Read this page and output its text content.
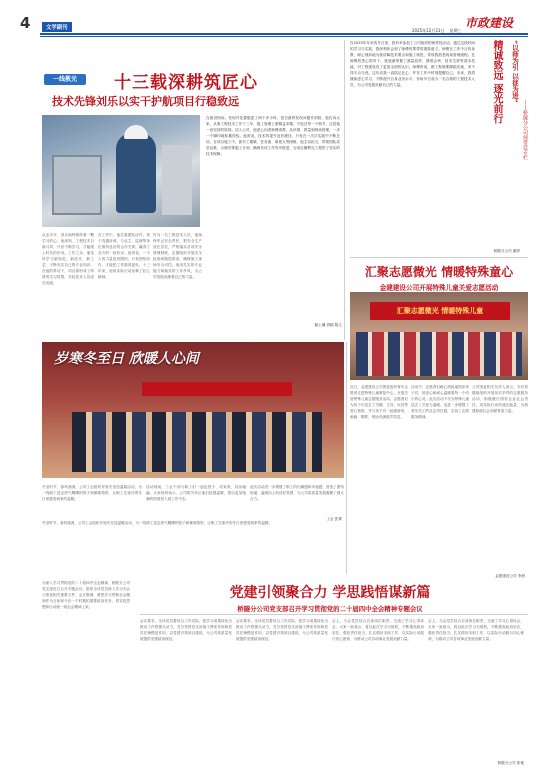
4	文学副刊	市政建设
2025年12月31日 星期三
一线教光	十三载深耕筑匠心
技术先锋刘乐以实干护航项目行稳致远
在建设现场，发现并处置隐患了两个多小时，是否最终发现问题并消除，他告诉大家，从事工程技术工作十三年，施工管理上要精益求精，不放过每一个细节，这是他一直坚持的原则。初入公司，他虚心向老师傅请教，从识图、算量到现场管理，一步一个脚印地积累经验。他常说，技术的提升没有捷径，只有在一次次实践中不断总结。在项目施工中，面对工期紧、任务重、难度大等困难，他主动担当，带领团队攻坚克难，合理安排施工计划，确保各项工作有序推进，为项目顺利完工提供了坚实的技术保障。
从业多年，刘乐始终保持着一颗学习的心。他深知，工程技术日新月异，只有不断学习，才能跟上时代的步伐。工作之余，他坚持学习新规范、新技术、新工艺，不断充实自己的专业知识。在他的带动下，项目部形成了浓厚的学习氛围，年轻技术人员成长迅速。
在工作中，他注重团队协作，善于沟通协调，与业主、监理等单位保持良好的合作关系，赢得了各方的一致好评。他常说，一个人的力量是有限的，只有团结协作，才能把工作做得更好。十三年来，他用实际行动诠释了匠心精神。
作为一名工程技术人员，他始终牢记安全责任，把安全生产放在首位，严格落实各项安全管理制度，定期组织开展安全检查和隐患排查，确保施工现场安全可控。他用扎实的专业能力和踏实的工作作风，为公司发展贡献着自己的力量。
蔺士谦 供稿 陈立
在2025年年末的冬日里，我有幸参加了公司组织的师带徒活动。通过这段时间的学习与实践，我深刻体会到了师傅传帮带的重要意义。师傅在工作中言传身教，耐心细致地为我讲解技术要点和施工规范，带领我熟悉现场管理流程。在师傅的悉心指导下，我逐渐掌握了测量放样、图纸会审、技术交底等基本技能，对工程建设有了更加全面的认识。师傅常说，做工程就要脚踏实地，来不得半点马虎。这句话我一直铭记在心，并在工作中时刻提醒自己。未来，我将继续虚心学习，不断提升自身业务水平，争取早日成为一名合格的工程技术人员，为公司发展贡献自己的力量。	精诚致远 逐光前行	“以师为引 以徒为进”
——桥隧分公司师带徒专栏
桥隧分公司 谢婷
汇聚志愿微光 情暖特殊童心
金建建设公司开展特殊儿童关爱志愿活动
汇聚志愿微光 情暖特殊儿童
近日，金建建设公司团委组织青年志愿者走进特殊儿童康复中心，开展关爱特殊儿童志愿服务活动。志愿者们为孩子们送去了书籍、文具、玩具等爱心物资，并与孩子们一起做游戏、画画、唱歌，现场充满欢声笑语。
活动中，志愿者们耐心细致地陪伴孩子们，用爱心和耐心温暖着每一个幼小的心灵。此次活动不仅为特殊儿童送去了关爱与温暖，也进一步增强了青年员工的社会责任感，弘扬了志愿服务精神。
公司团委相关负责人表示，今后将继续组织开展形式多样的志愿服务活动，积极履行国有企业社会责任，用实际行动传递正能量，为构建和谐社会贡献青春力量。
金建建设公司 李晨
岁寒冬至日 欣暖人心间
冬至时节，寒风凛冽，公司工会组织开展冬至送温暖活动，为一线职工送去热气腾腾的饺子和御寒物资，让职工在寒冷的冬日里感受到家的温暖。
活动现场，工会干部与职工们一起包饺子、话家常，其乐融融。大家纷纷表示，公司的关怀让他们倍感温暖，将以更加饱满的热情投入到工作中去。
此次活动进一步增强了职工的归属感和幸福感，营造了团结和谐、温暖向上的良好氛围，为公司高质量发展凝聚了强大合力。
工会 张菁
冬至时节，寒风凛冽，公司工会组织开展冬至送温暖活动，为一线职工送去热气腾腾的饺子和御寒物资，让职工在寒冷的冬日里感受到家的温暖。
为深入学习贯彻党的二十届四中全会精神，桥隧分公司党支部近日召开专题会议，组织全体党员深入学习全会公报及相关重要文件。会议强调，要把学习贯彻全会精神作为当前和今后一个时期的重要政治任务，切实把思想和行动统一到全会精神上来。
党建引领聚合力 学思践悟谋新篇
桥隧分公司党支部召开学习贯彻党的二十届四中全会精神专题会议
会议要求，全体党员要结合工作实际，把学习成果转化为推动工作的强大动力，充分发挥党支部战斗堡垒作用和党员先锋模范作用，以党建引领项目建设，为公司高质量发展提供坚强政治保证。
会议要求，全体党员要结合工作实际，把学习成果转化为推动工作的强大动力，充分发挥党支部战斗堡垒作用和党员先锋模范作用，以党建引领项目建设，为公司高质量发展提供坚强政治保证。
会上，与会党员结合自身岗位职责，交流了学习心得体会，大家一致表示，将以此次学习为契机，不断提高政治站位，强化责任担当，扎实做好本职工作，以实际行动践行初心使命，为推动公司各项事业发展贡献力量。
会上，与会党员结合自身岗位职责，交流了学习心得体会，大家一致表示，将以此次学习为契机，不断提高政治站位，强化责任担当，扎实做好本职工作，以实际行动践行初心使命，为推动公司各项事业发展贡献力量。
桥隧分公司 张艳
